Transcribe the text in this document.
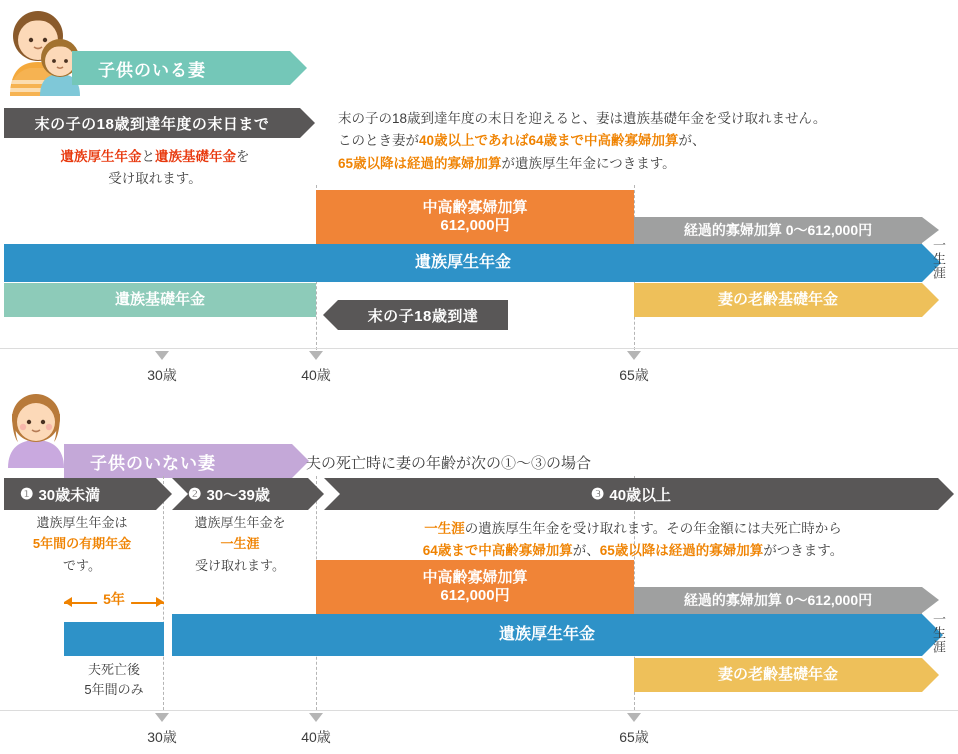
子供のいる妻
末の子の18歳到達年度の末日まで
遺族厚生年金と遺族基礎年金を
受け取れます。
末の子の18歳到達年度の末日を迎えると、妻は遺族基礎年金を受け取れません。
このとき妻が40歳以上であれば64歳まで中高齢寡婦加算が、
65歳以降は経過的寡婦加算が遺族厚生年金につきます。
中高齢寡婦加算
612,000円	経過的寡婦加算 0〜612,000円
遺族厚生年金
遺族基礎年金	妻の老齢基礎年金
末の子18歳到達
一生涯
30歳	40歳	65歳
子供のいない妻	夫の死亡時に妻の年齢が次の①〜③の場合
❶ 30歳未満	❷ 30〜39歳	❸ 40歳以上
遺族厚生年金は
5年間の有期年金
です。
遺族厚生年金を
一生涯
受け取れます。
一生涯の遺族厚生年金を受け取れます。その年金額には夫死亡時から
64歳まで中高齢寡婦加算が、65歳以降は経過的寡婦加算がつきます。
5年
中高齢寡婦加算
612,000円	経過的寡婦加算 0〜612,000円
遺族厚生年金
妻の老齢基礎年金
夫死亡後
5年間のみ
一生涯
30歳	40歳	65歳
